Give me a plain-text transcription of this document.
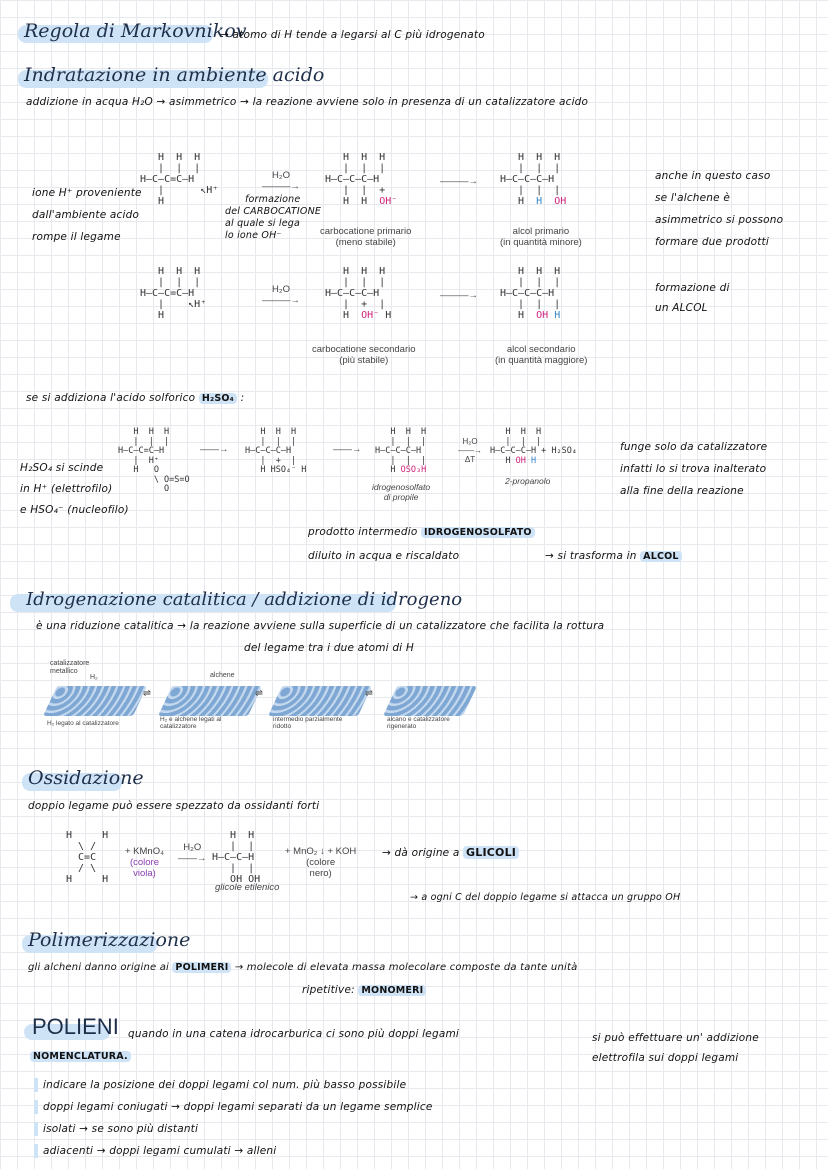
Regola di Markovnikov
→ atomo di H tende a legarsi al C più idrogenato
Indratazione in ambiente acido
addizione in acqua H₂O → asimmetrico → la reazione avviene solo in presenza di un catalizzatore acido
ione H⁺ proveniente
dall'ambiente acido
rompe il legame
formazione
del CARBOCATIONE
al quale si lega
lo ione OH⁻
anche in questo caso
se l'alchene è
asimmetrico si possono
formare due prodotti
formazione di
un ALCOL
H  H  H
|  |  |
H—C—C=C—H
|      ↖H⁺
H
H₂O
———→
H  H  H
|  |  |
H—C—C—C—H
|  |  +
H  H  OH⁻
———→
H  H  H
|  |  |
H—C—C—C—H
|  |  |
H  H OH
carbocatione primario
(meno stabile)
alcol primario
(in quantità minore)
H  H  H
|  |  |
H—C—C=C—H
|    ↖H⁺
H
H₂O
———→
H  H  H
|  |  |
H—C—C—C—H
|  +  |
H  OH⁻ H
———→
H  H  H
|  |  |
H—C—C—C—H
|  |  |
H  OH H
carbocatione secondario
(più stabile)
alcol secondario
(in quantità maggiore)
se si addiziona l'acido solforico H₂SO₄ :
H₂SO₄ si scinde
in H⁺ (elettrofilo)
e HSO₄⁻ (nucleofilo)
H  H  H
|  |  |
H—C—C=C—H
|  H⁺
H   O
\ O=S=O
O
——→
H  H  H
|  |  |
H—C—C—C—H
|  +  |
H HSO₄⁻ H
——→
H  H  H
|  |  |
H—C—C—C—H
|  |  |
H OSO₃H
idrogenosolfato
di propile
H₂O
——→
ΔT
H  H  H
|  |  |
H—C—C—C—H + H₂SO₄
H OH H
2-propanolo
funge solo da catalizzatore
infatti lo si trova inalterato
alla fine della reazione
prodotto intermedio IDROGENOSOLFATO
diluito in acqua e riscaldato	→ si trasforma in ALCOL
Idrogenazione catalitica / addizione di idrogeno
è una riduzione catalitica → la reazione avviene sulla superficie di un catalizzatore che facilita la rottura
del legame tra i due atomi di H
catalizzatore metallico
H₂	alchene
⇌	⇌	⇌
H₂ legato al catalizzatore
H₂ e alchene legati al catalizzatore
intermedio parzialmente ridotto
alcano e catalizzatore rigenerato
Ossidazione
doppio legame può essere spezzato da ossidanti forti
H     H
\ /
C=C
/ \
H     H
+ KMnO₄
(colore
viola)
H₂O
——→
H  H
|  |
H—C—C—H
|  |
OH OH
glicole etilenico
+ MnO₂ ↓ + KOH
(colore
nero)
→ dà origine a GLICOLI
→ a ogni C del doppio legame si attacca un gruppo OH
Polimerizzazione
gli alcheni danno origine ai POLIMERI → molecole di elevata massa molecolare composte da tante unità
ripetitive: MONOMERI
POLIENI quando in una catena idrocarburica ci sono più doppi legami
NOMENCLATURA.
si può effettuare un' addizione
elettrofila sui doppi legami
indicare la posizione dei doppi legami col num. più basso possibile
doppi legami coniugati → doppi legami separati da un legame semplice
isolati → se sono più distanti
adiacenti → doppi legami cumulati → alleni
